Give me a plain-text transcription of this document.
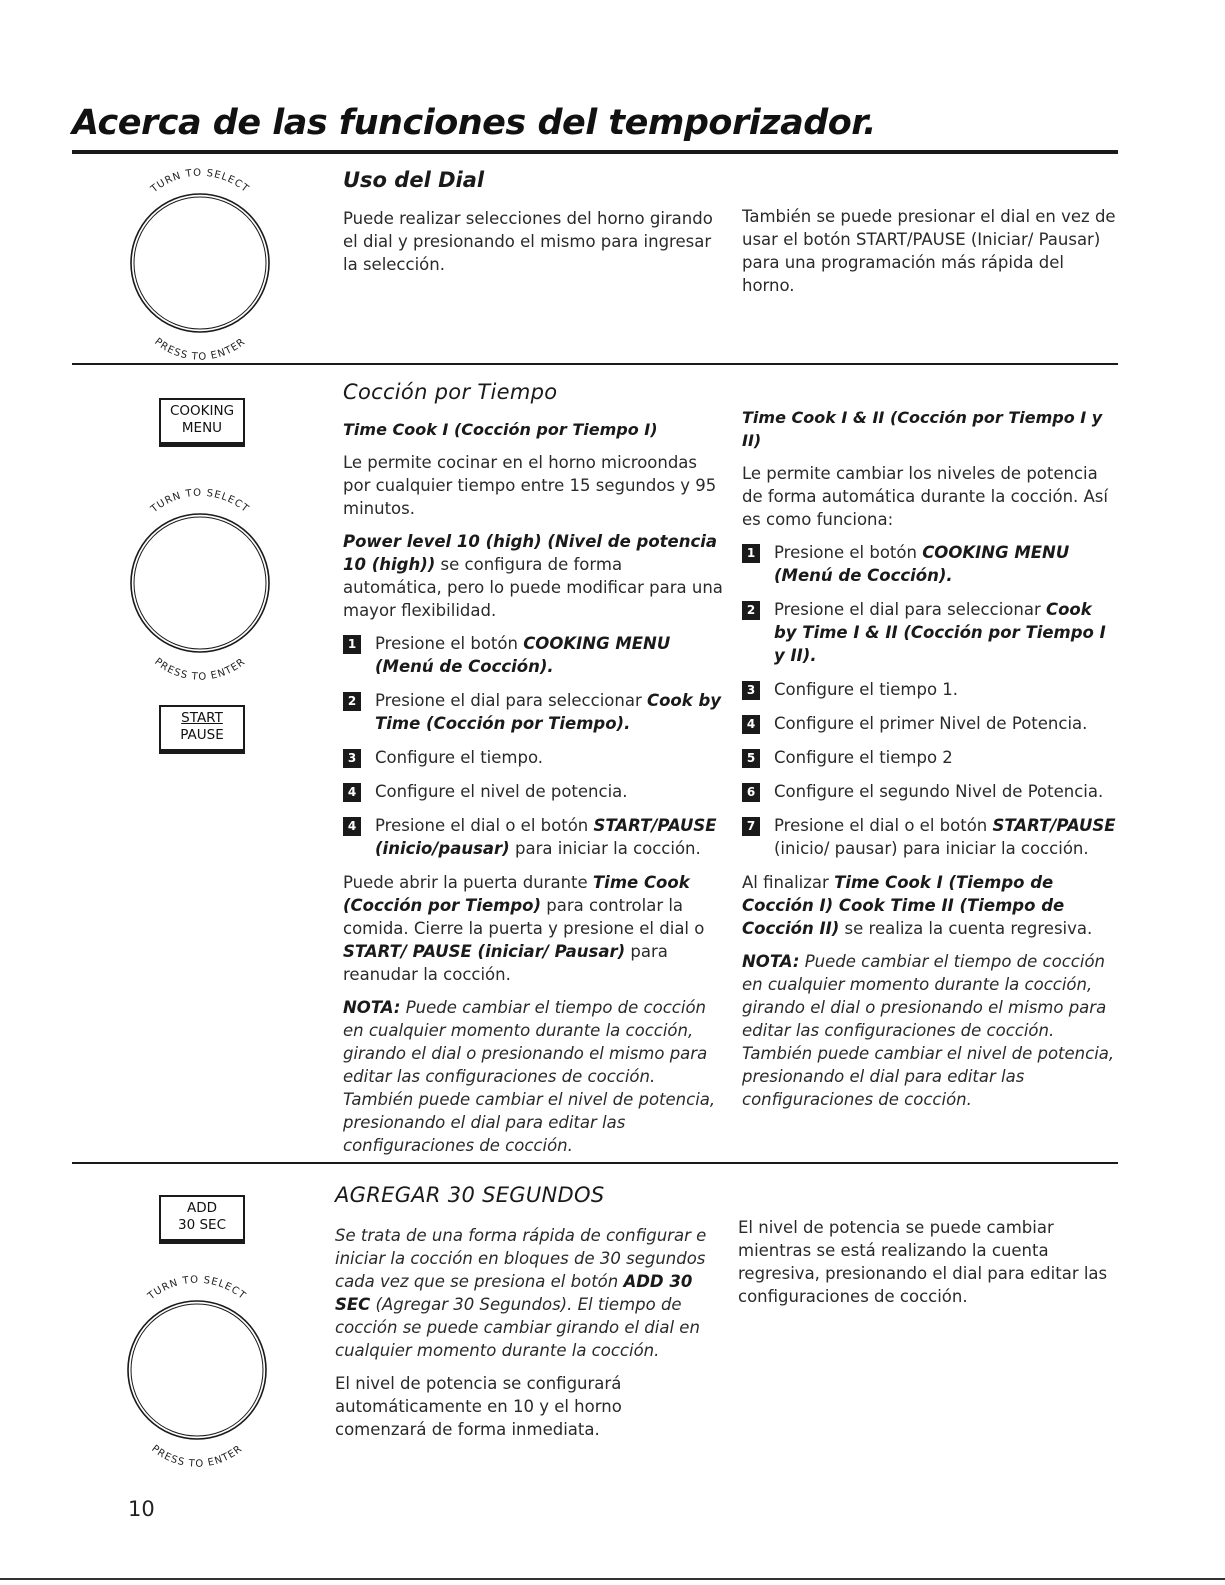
Acerca de las funciones del temporizador.
TURN TO SELECT
PRESS TO ENTER
COOKING
MENU
TURN TO SELECT
PRESS TO ENTER
START
PAUSE
ADD
30 SEC
TURN TO SELECT
PRESS TO ENTER
Uso del Dial

Puede realizar selecciones del horno girando el dial y presionando el mismo para ingresar la selección.

También se puede presionar el dial en vez de usar el botón START/PAUSE (Iniciar/ Pausar) para una programación más rápida del horno.

Cocción por Tiempo

Time Cook I (Cocción por Tiempo I)

Le permite cocinar en el horno microondas por cualquier tiempo entre 15 segundos y 95 minutos.

Power level 10 (high) (Nivel de potencia 10 (high)) se configura de forma automática, pero lo puede modificar para una mayor flexibilidad.

1 Presione el botón COOKING MENU (Menú de Cocción).
2 Presione el dial para seleccionar Cook by Time (Cocción por Tiempo).
3 Configure el tiempo.
4 Configure el nivel de potencia.
4 Presione el dial o el botón START/PAUSE (inicio/pausar) para iniciar la cocción.

Puede abrir la puerta durante Time Cook (Cocción por Tiempo) para controlar la comida. Cierre la puerta y presione el dial o START/ PAUSE (iniciar/ Pausar) para reanudar la cocción.

NOTA: Puede cambiar el tiempo de cocción en cualquier momento durante la cocción, girando el dial o presionando el mismo para editar las configuraciones de cocción. También puede cambiar el nivel de potencia, presionando el dial para editar las configuraciones de cocción.

Time Cook I & II (Cocción por Tiempo I y II)

Le permite cambiar los niveles de potencia de forma automática durante la cocción. Así es como funciona:

1 Presione el botón COOKING MENU (Menú de Cocción).
2 Presione el dial para seleccionar Cook by Time I & II (Cocción por Tiempo I y II).
3 Configure el tiempo 1.
4 Configure el primer Nivel de Potencia.
5 Configure el tiempo 2
6 Configure el segundo Nivel de Potencia.
7 Presione el dial o el botón START/PAUSE (inicio/ pausar) para iniciar la cocción.

Al finalizar Time Cook I (Tiempo de Cocción I) Cook Time II (Tiempo de Cocción II) se realiza la cuenta regresiva.

NOTA: Puede cambiar el tiempo de cocción en cualquier momento durante la cocción, girando el dial o presionando el mismo para editar las configuraciones de cocción. También puede cambiar el nivel de potencia, presionando el dial para editar las configuraciones de cocción.

AGREGAR 30 SEGUNDOS

Se trata de una forma rápida de configurar e iniciar la cocción en bloques de 30 segundos cada vez que se presiona el botón ADD 30 SEC (Agregar 30 Segundos). El tiempo de cocción se puede cambiar girando el dial en cualquier momento durante la cocción.

El nivel de potencia se configurará automáticamente en 10 y el horno comenzará de forma inmediata.

El nivel de potencia se puede cambiar mientras se está realizando la cuenta regresiva, presionando el dial para editar las configuraciones de cocción.

10
